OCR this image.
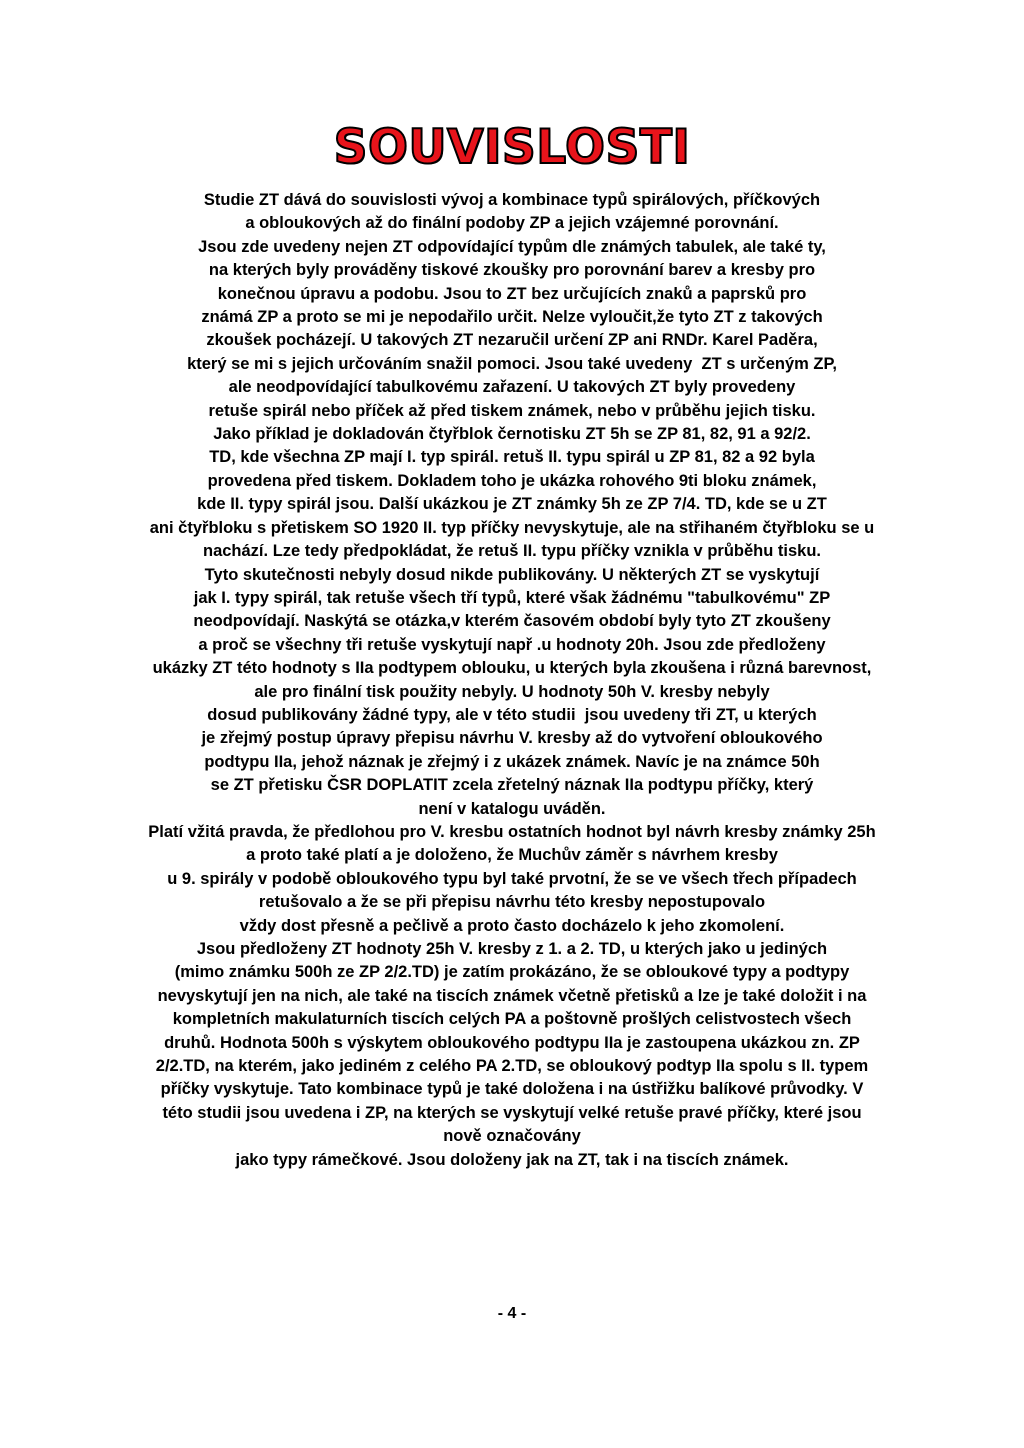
SOUVISLOSTI
Studie ZT dává do souvislosti vývoj a kombinace typů spirálových, příčkových
a obloukových až do finální podoby ZP a jejich vzájemné porovnání.
Jsou zde uvedeny nejen ZT odpovídající typům dle známých tabulek, ale také ty,
na kterých byly prováděny tiskové zkoušky pro porovnání barev a kresby pro
konečnou úpravu a podobu. Jsou to ZT bez určujících znaků a paprsků pro
známá ZP a proto se mi je nepodařilo určit. Nelze vyloučit,že tyto ZT z takových
zkoušek pocházejí. U takových ZT nezaručil určení ZP ani RNDr. Karel Paděra,
který se mi s jejich určováním snažil pomoci. Jsou také uvedeny  ZT s určeným ZP,
ale neodpovídající tabulkovému zařazení. U takových ZT byly provedeny
retuše spirál nebo příček až před tiskem známek, nebo v průběhu jejich tisku.
Jako příklad je dokladován čtyřblok černotisku ZT 5h se ZP 81, 82, 91 a 92/2.
TD, kde všechna ZP mají I. typ spirál. retuš II. typu spirál u ZP 81, 82 a 92 byla
provedena před tiskem. Dokladem toho je ukázka rohového 9ti bloku známek,
kde II. typy spirál jsou. Další ukázkou je ZT známky 5h ze ZP 7/4. TD, kde se u ZT
ani čtyřbloku s přetiskem SO 1920 II. typ příčky nevyskytuje, ale na střihaném čtyřbloku se u
nachází. Lze tedy předpokládat, že retuš II. typu příčky vznikla v průběhu tisku.
Tyto skutečnosti nebyly dosud nikde publikovány. U některých ZT se vyskytují
jak I. typy spirál, tak retuše všech tří typů, které však žádnému "tabulkovému" ZP
neodpovídají. Naskýtá se otázka,v kterém časovém období byly tyto ZT zkoušeny
a proč se všechny tři retuše vyskytují např .u hodnoty 20h. Jsou zde předloženy
ukázky ZT této hodnoty s IIa podtypem oblouku, u kterých byla zkoušena i různá barevnost,
ale pro finální tisk použity nebyly. U hodnoty 50h V. kresby nebyly
dosud publikovány žádné typy, ale v této studii  jsou uvedeny tři ZT, u kterých
je zřejmý postup úpravy přepisu návrhu V. kresby až do vytvoření obloukového
podtypu IIa, jehož náznak je zřejmý i z ukázek známek. Navíc je na známce 50h
se ZT přetisku ČSR DOPLATIT zcela zřetelný náznak IIa podtypu příčky, který
není v katalogu uváděn.
Platí vžitá pravda, že předlohou pro V. kresbu ostatních hodnot byl návrh kresby známky 25h
a proto také platí a je doloženo, že Muchův záměr s návrhem kresby
u 9. spirály v podobě obloukového typu byl také prvotní, že se ve všech třech případech
retušovalo a že se při přepisu návrhu této kresby nepostupovalo
vždy dost přesně a pečlivě a proto často docházelo k jeho zkomolení.
Jsou předloženy ZT hodnoty 25h V. kresby z 1. a 2. TD, u kterých jako u jediných
(mimo známku 500h ze ZP 2/2.TD) je zatím prokázáno, že se obloukové typy a podtypy
nevyskytují jen na nich, ale také na tiscích známek včetně přetisků a lze je také doložit i na
kompletních makulaturních tiscích celých PA a poštovně prošlých celistvostech všech
druhů. Hodnota 500h s výskytem obloukového podtypu IIa je zastoupena ukázkou zn. ZP
2/2.TD, na kterém, jako jediném z celého PA 2.TD, se obloukový podtyp IIa spolu s II. typem
příčky vyskytuje. Tato kombinace typů je také doložena i na ústřižku balíkové průvodky. V
této studii jsou uvedena i ZP, na kterých se vyskytují velké retuše pravé příčky, které jsou
nově označovány
jako typy rámečkové. Jsou doloženy jak na ZT, tak i na tiscích známek.
- 4 -
